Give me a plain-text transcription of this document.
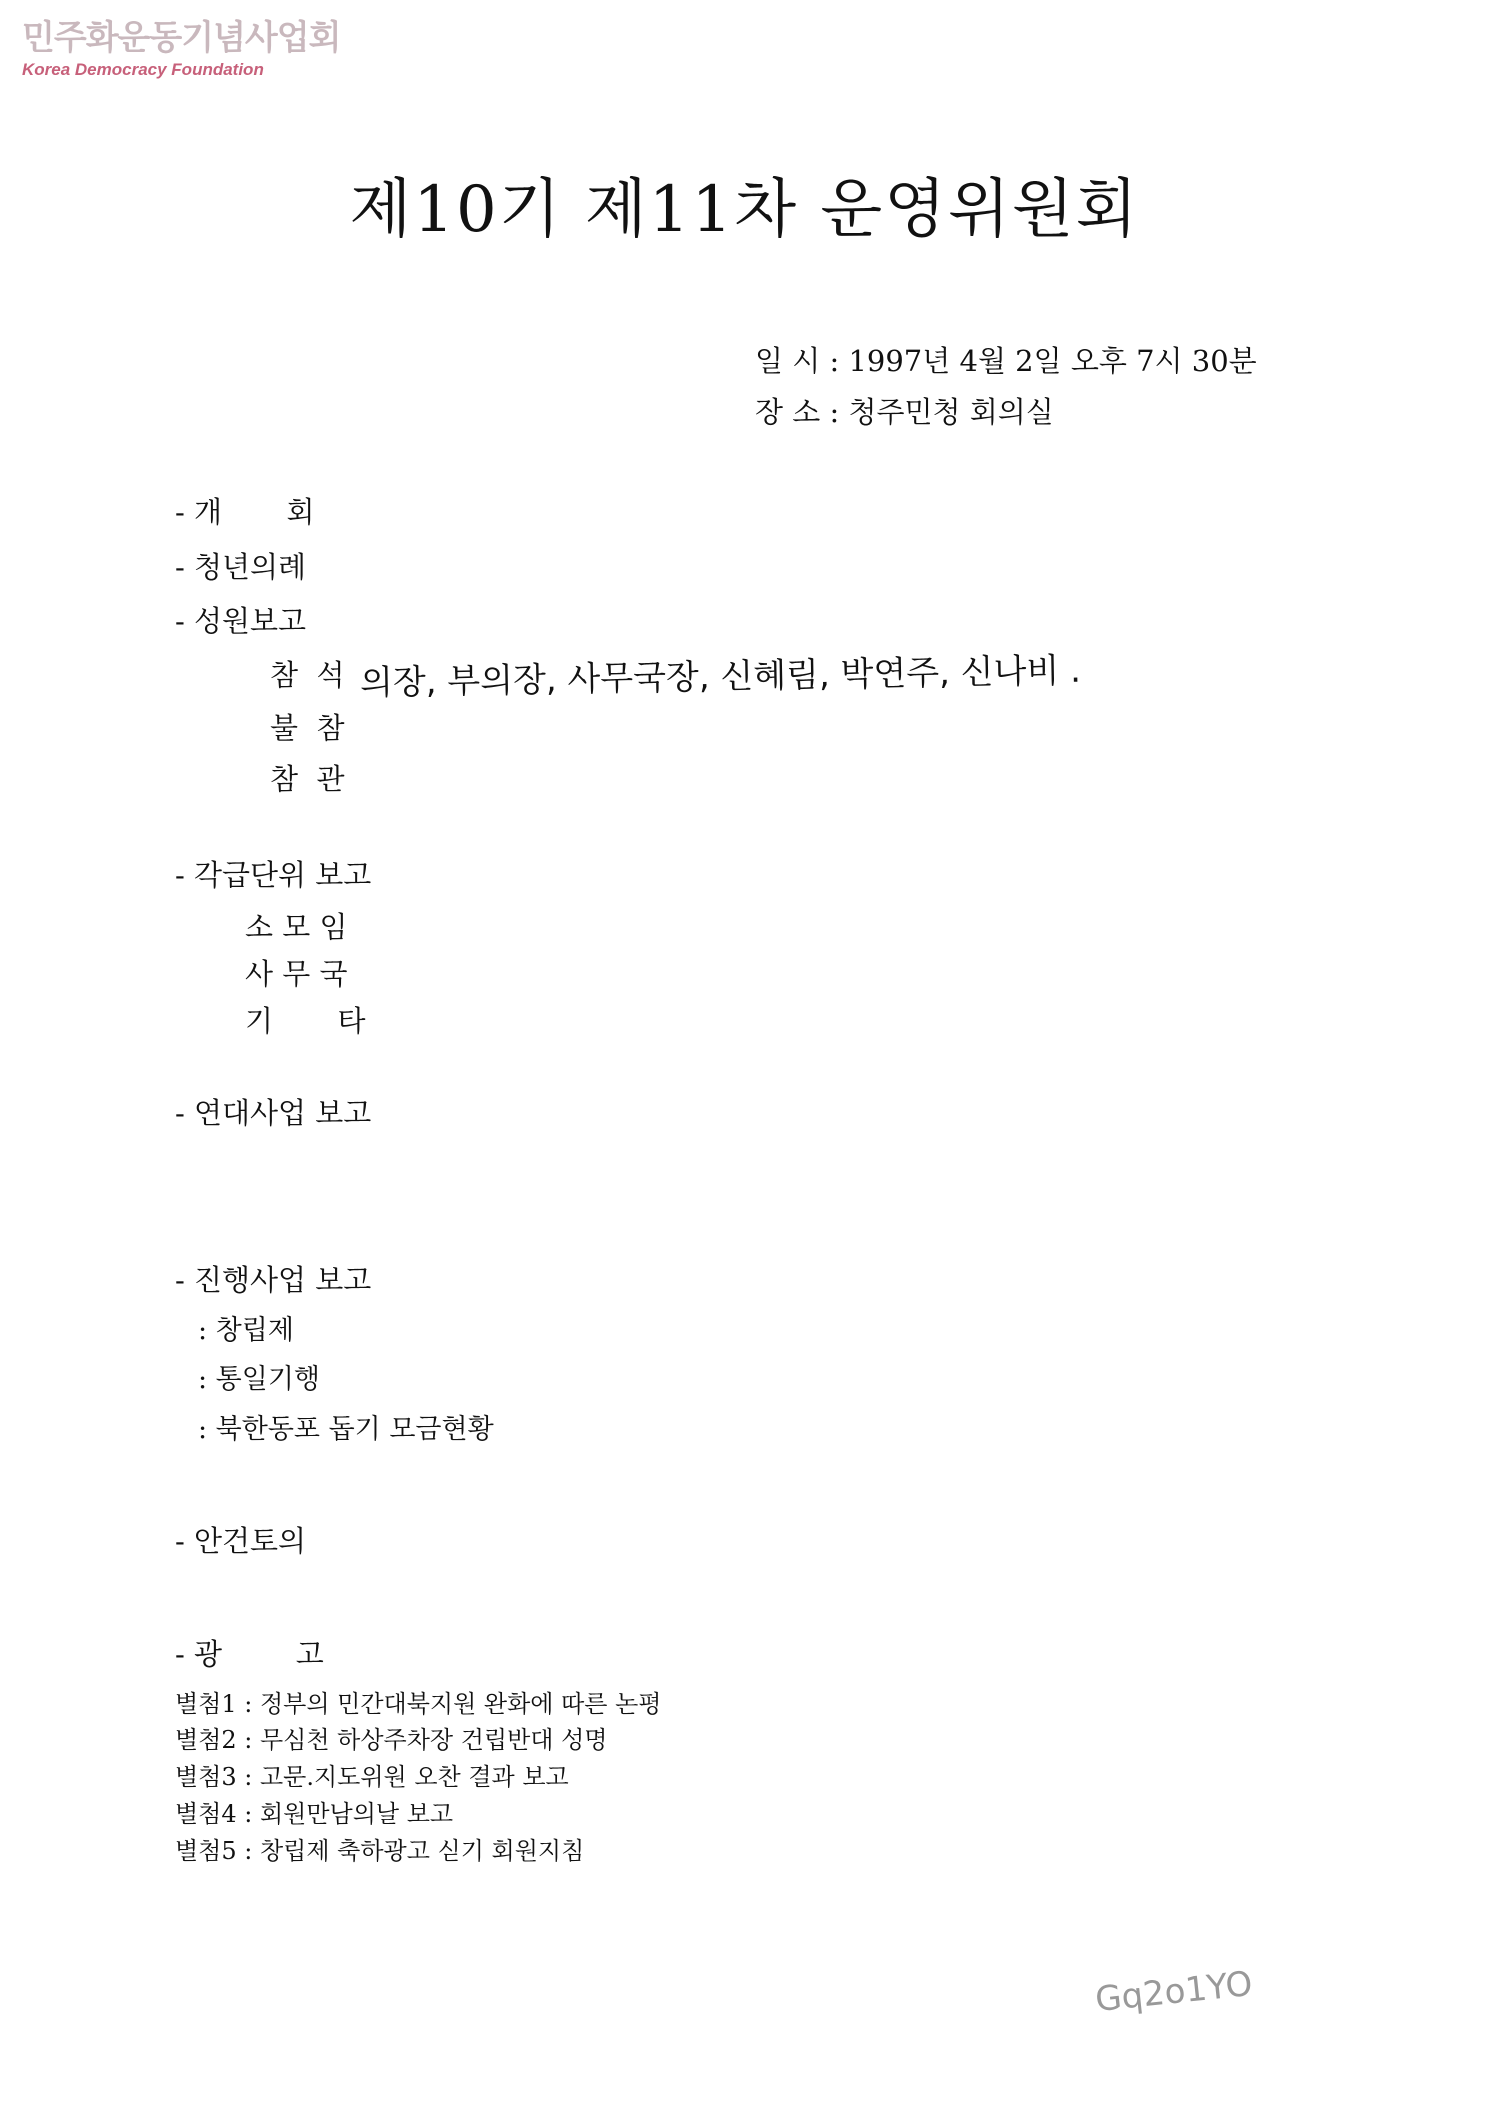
민주화운동기념사업회
Korea Democracy Foundation
제10기 제11차 운영위원회
일 시 : 1997년 4월 2일 오후 7시 30분
장 소 : 청주민청 회의실
- 개       회
- 청년의례
- 성원보고
참  석 의장, 부의장, 사무국장, 신혜림, 박연주, 신나비 .
불  참
참  관
- 각급단위 보고
소 모 임
사 무 국
기       타
- 연대사업 보고
- 진행사업 보고
: 창립제
: 통일기행
: 북한동포 돕기 모금현황
- 안건토의
- 광        고
별첨1 : 정부의 민간대북지원 완화에 따른 논평
별첨2 : 무심천 하상주차장 건립반대 성명
별첨3 : 고문.지도위원 오찬 결과 보고
별첨4 : 회원만남의날 보고
별첨5 : 창립제 축하광고 싣기 회원지침
Gq2o1YO
